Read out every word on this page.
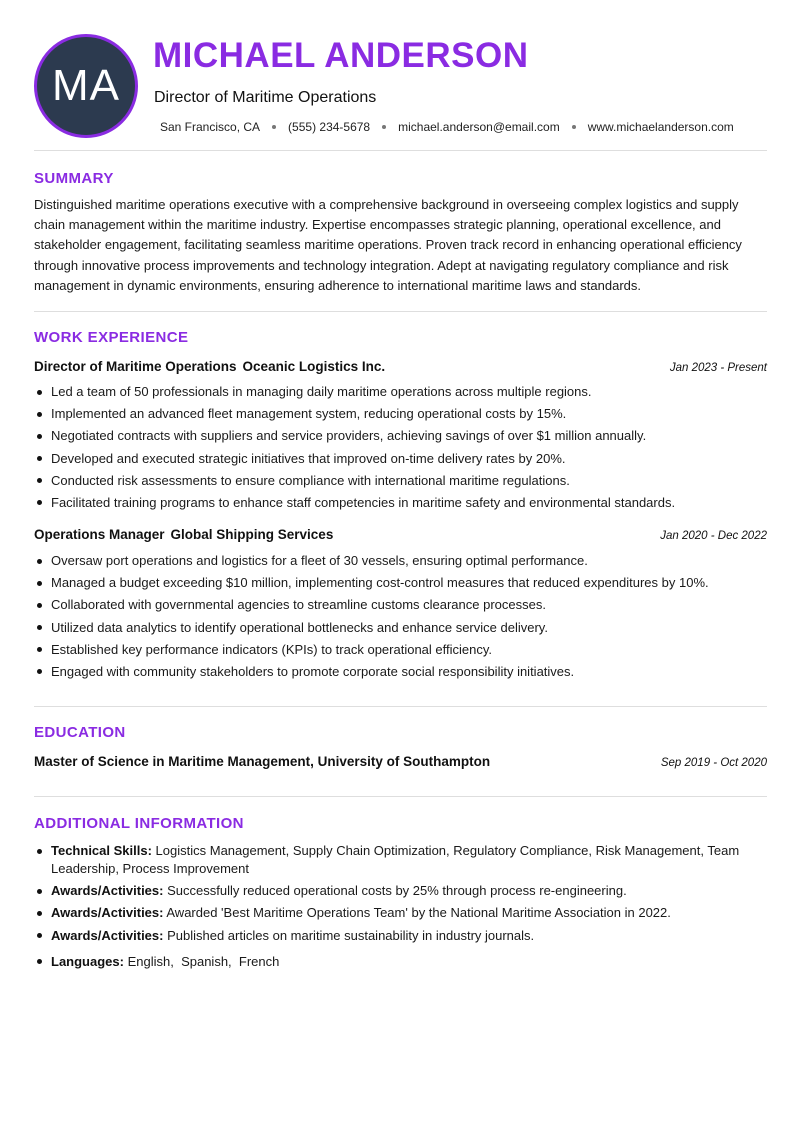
MA
MICHAEL ANDERSON
Director of Maritime Operations
San Francisco, CA (555) 234-5678 michael.anderson@email.com www.michaelanderson.com
SUMMARY
Distinguished maritime operations executive with a comprehensive background in overseeing complex logistics and supply chain management within the maritime industry. Expertise encompasses strategic planning, operational excellence, and stakeholder engagement, facilitating seamless maritime operations. Proven track record in enhancing operational efficiency through innovative process improvements and technology integration. Adept at navigating regulatory compliance and risk management in dynamic environments, ensuring adherence to international maritime laws and standards.
WORK EXPERIENCE
Director of Maritime Operations Oceanic Logistics Inc.	Jan 2023 - Present
Led a team of 50 professionals in managing daily maritime operations across multiple regions.
Implemented an advanced fleet management system, reducing operational costs by 15%.
Negotiated contracts with suppliers and service providers, achieving savings of over $1 million annually.
Developed and executed strategic initiatives that improved on-time delivery rates by 20%.
Conducted risk assessments to ensure compliance with international maritime regulations.
Facilitated training programs to enhance staff competencies in maritime safety and environmental standards.
Operations Manager Global Shipping Services	Jan 2020 - Dec 2022
Oversaw port operations and logistics for a fleet of 30 vessels, ensuring optimal performance.
Managed a budget exceeding $10 million, implementing cost-control measures that reduced expenditures by 10%.
Collaborated with governmental agencies to streamline customs clearance processes.
Utilized data analytics to identify operational bottlenecks and enhance service delivery.
Established key performance indicators (KPIs) to track operational efficiency.
Engaged with community stakeholders to promote corporate social responsibility initiatives.
EDUCATION
Master of Science in Maritime Management, University of Southampton	Sep 2019 - Oct 2020
ADDITIONAL INFORMATION
Technical Skills: Logistics Management, Supply Chain Optimization, Regulatory Compliance, Risk Management, Team Leadership, Process Improvement
Awards/Activities: Successfully reduced operational costs by 25% through process re-engineering.
Awards/Activities: Awarded 'Best Maritime Operations Team' by the National Maritime Association in 2022.
Awards/Activities: Published articles on maritime sustainability in industry journals.
Languages: English,  Spanish,  French
